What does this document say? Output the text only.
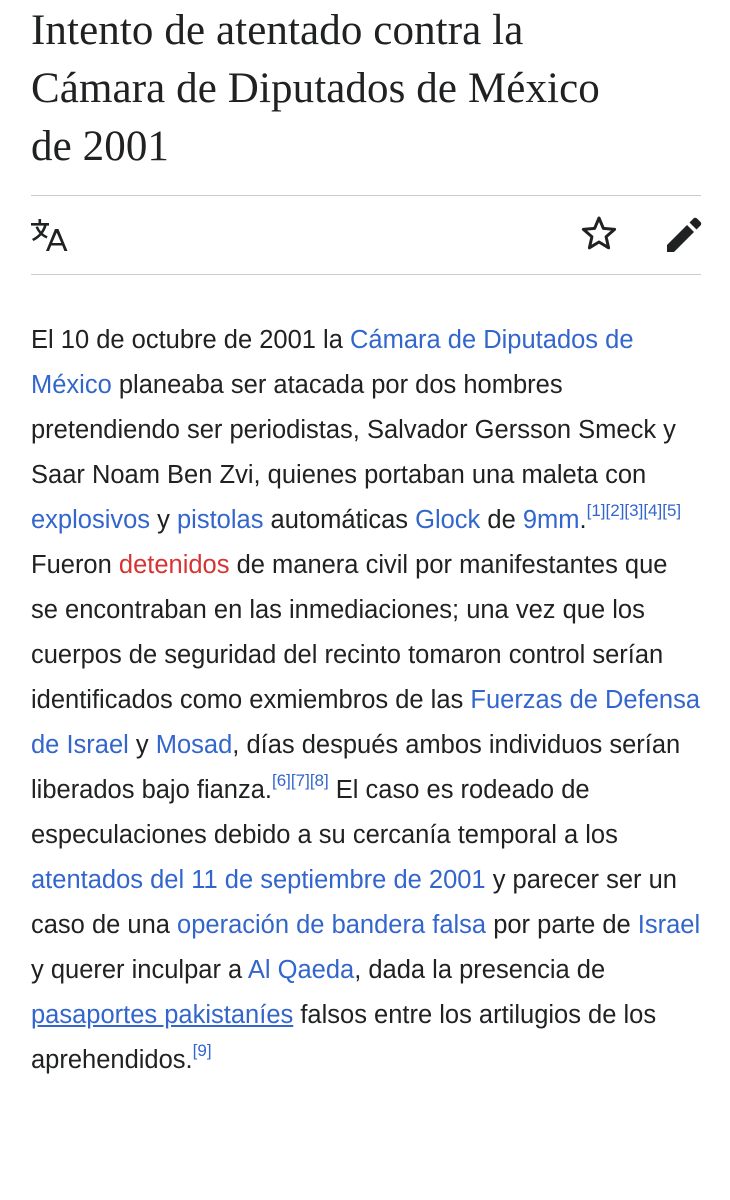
Intento de atentado contra la
Cámara de Diputados de México
de 2001

El 10 de octubre de 2001 la Cámara de Diputados de México planeaba ser atacada por dos hombres pretendiendo ser periodistas, Salvador Gersson Smeck y Saar Noam Ben Zvi, quienes portaban una maleta con explosivos y pistolas automáticas Glock de 9mm.[1][2][3][4][5] Fueron detenidos de manera civil por manifestantes que se encontraban en las inmediaciones; una vez que los cuerpos de seguridad del recinto tomaron control serían identificados como exmiembros de las Fuerzas de Defensa de Israel y Mosad, días después ambos individuos serían liberados bajo fianza.[6][7][8] El caso es rodeado de especulaciones debido a su cercanía temporal a los atentados del 11 de septiembre de 2001 y parecer ser un caso de una operación de bandera falsa por parte de Israel y querer inculpar a Al Qaeda, dada la presencia de pasaportes pakistaníes falsos entre los artilugios de los aprehendidos.[9]
